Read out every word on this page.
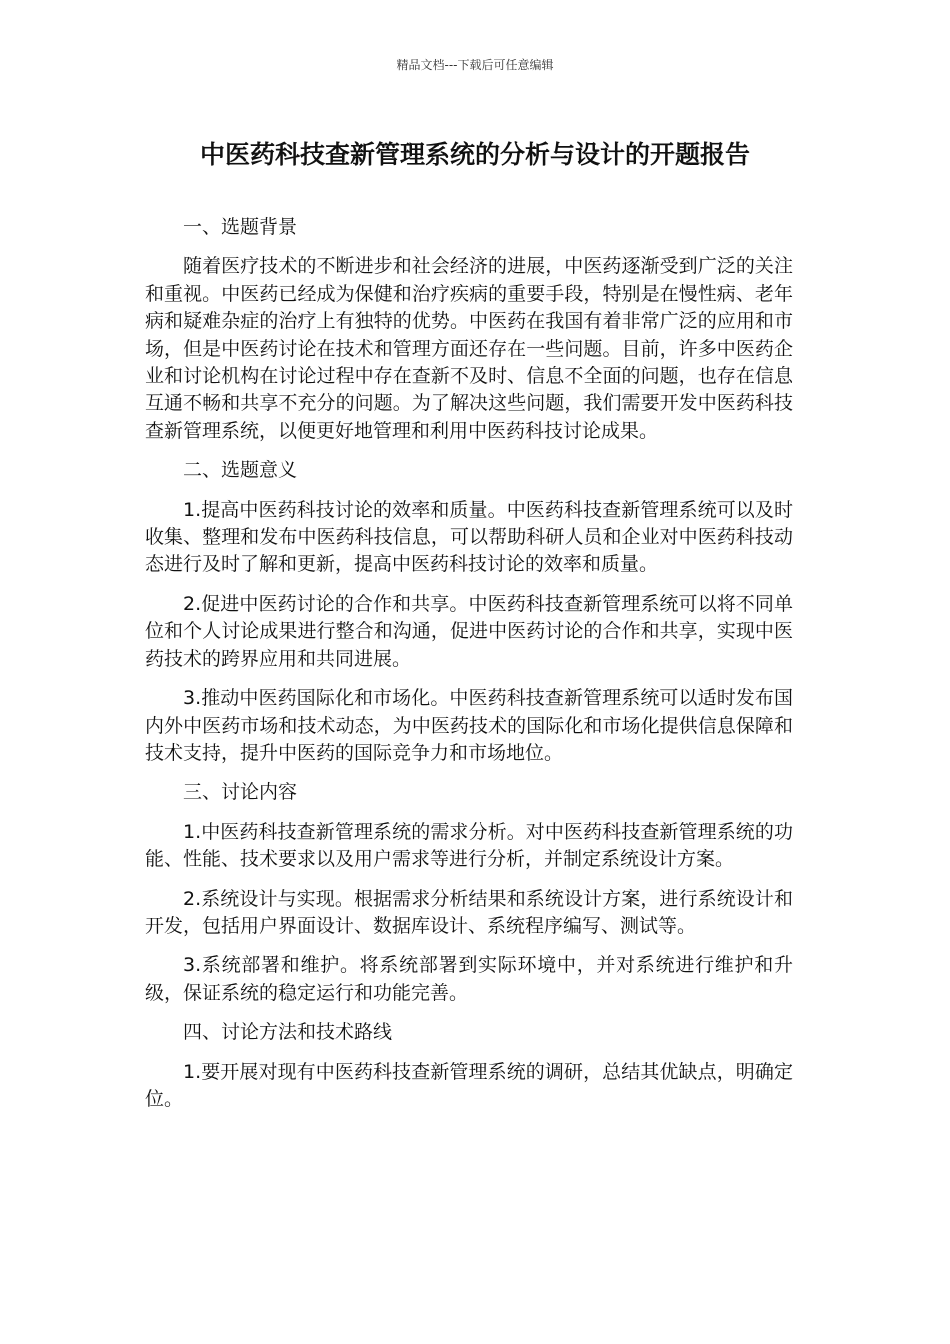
精品文档---下载后可任意编辑
中医药科技查新管理系统的分析与设计的开题报告

一、选题背景

随着医疗技术的不断进步和社会经济的进展，中医药逐渐受到广泛的关注和重视。中医药已经成为保健和治疗疾病的重要手段，特别是在慢性病、老年病和疑难杂症的治疗上有独特的优势。中医药在我国有着非常广泛的应用和市场，但是中医药讨论在技术和管理方面还存在一些问题。目前，许多中医药企业和讨论机构在讨论过程中存在查新不及时、信息不全面的问题，也存在信息互通不畅和共享不充分的问题。为了解决这些问题，我们需要开发中医药科技查新管理系统，以便更好地管理和利用中医药科技讨论成果。

二、选题意义

1.提高中医药科技讨论的效率和质量。中医药科技查新管理系统可以及时收集、整理和发布中医药科技信息，可以帮助科研人员和企业对中医药科技动态进行及时了解和更新，提高中医药科技讨论的效率和质量。

2.促进中医药讨论的合作和共享。中医药科技查新管理系统可以将不同单位和个人讨论成果进行整合和沟通，促进中医药讨论的合作和共享，实现中医药技术的跨界应用和共同进展。

3.推动中医药国际化和市场化。中医药科技查新管理系统可以适时发布国内外中医药市场和技术动态，为中医药技术的国际化和市场化提供信息保障和技术支持，提升中医药的国际竞争力和市场地位。

三、讨论内容

1.中医药科技查新管理系统的需求分析。对中医药科技查新管理系统的功能、性能、技术要求以及用户需求等进行分析，并制定系统设计方案。

2.系统设计与实现。根据需求分析结果和系统设计方案，进行系统设计和开发，包括用户界面设计、数据库设计、系统程序编写、测试等。

3.系统部署和维护。将系统部署到实际环境中，并对系统进行维护和升级，保证系统的稳定运行和功能完善。

四、讨论方法和技术路线

1.要开展对现有中医药科技查新管理系统的调研，总结其优缺点，明确定位。
